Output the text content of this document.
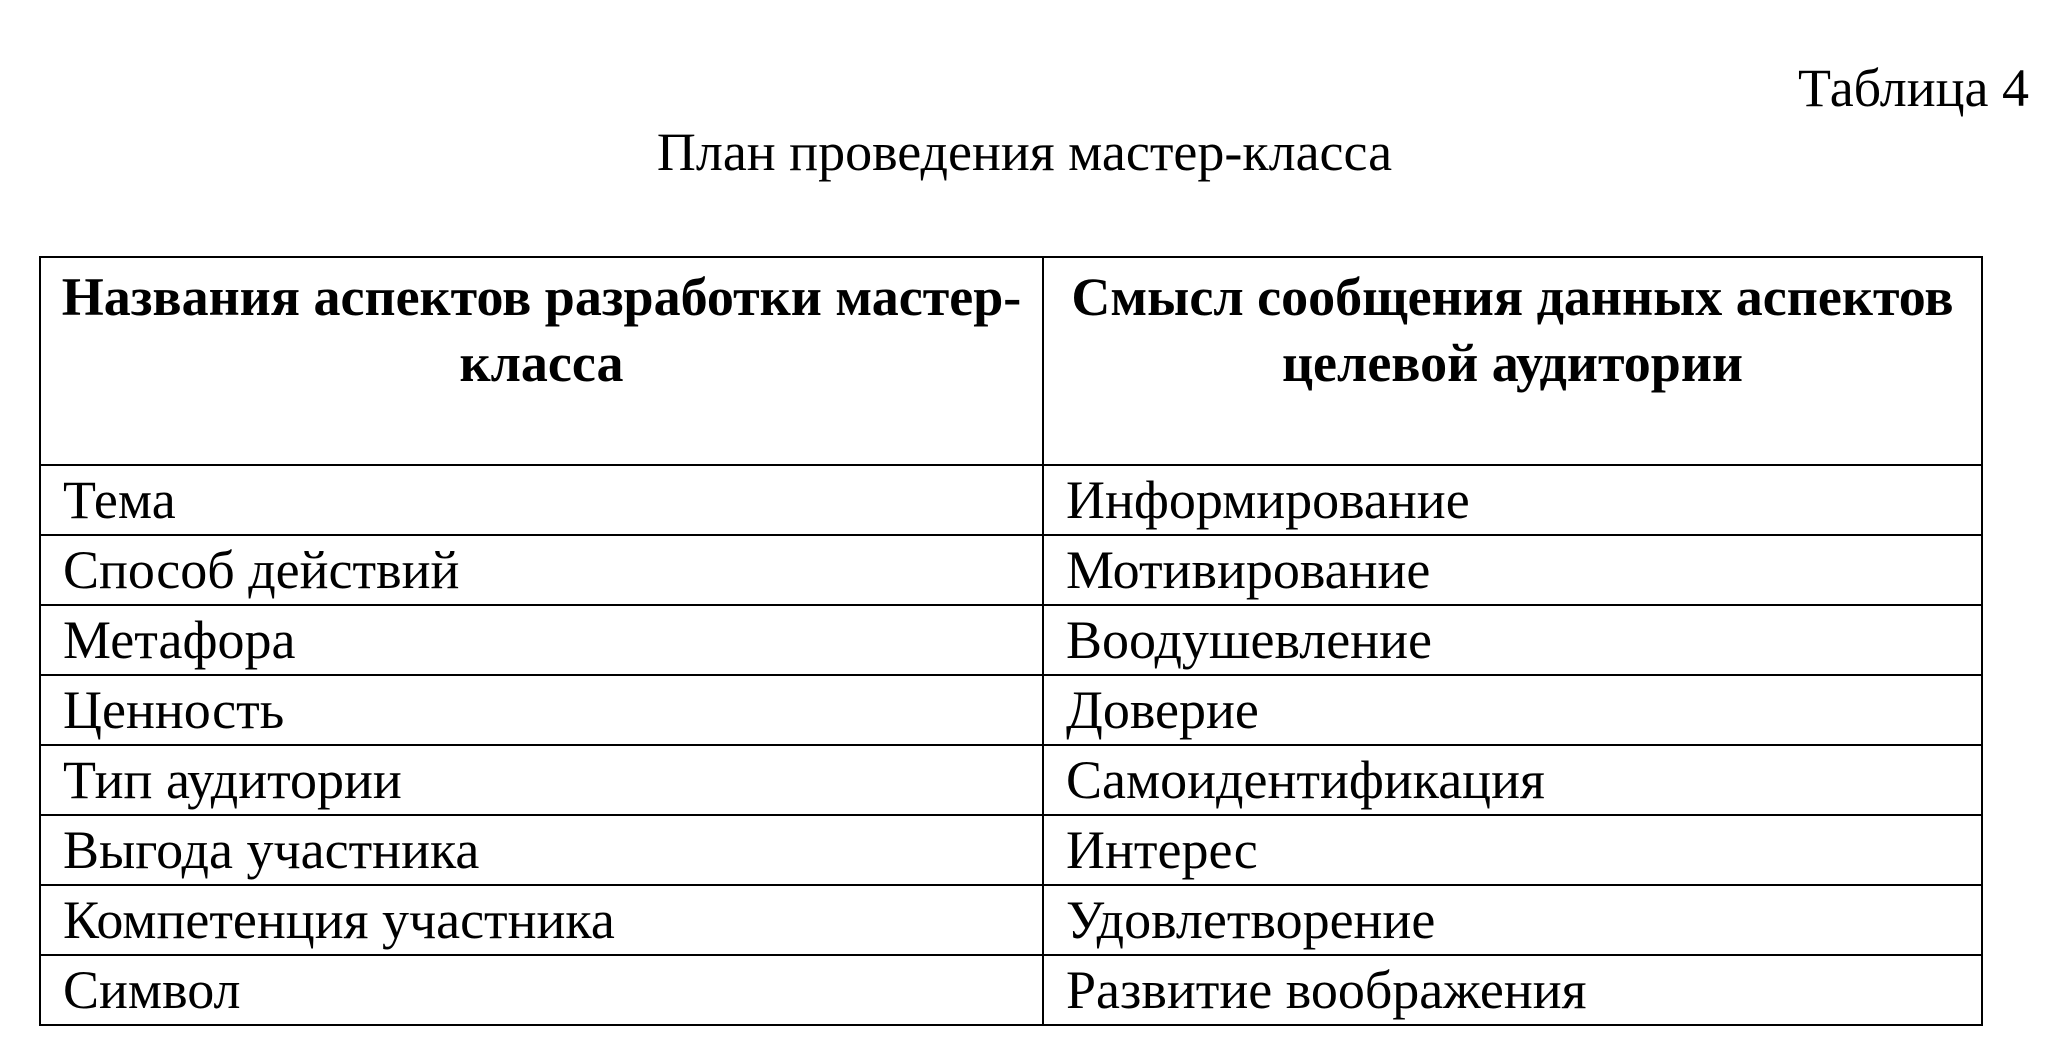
Таблица 4
План проведения мастер-класса
Названия аспектов разработки мастер-класса	Смысл сообщения данных аспектов целевой аудитории

Тема	Информирование
Способ действий	Мотивирование
Метафора	Воодушевление
Ценность	Доверие
Тип аудитории	Самоидентификация
Выгода участника	Интерес
Компетенция участника	Удовлетворение
Символ	Развитие воображения
